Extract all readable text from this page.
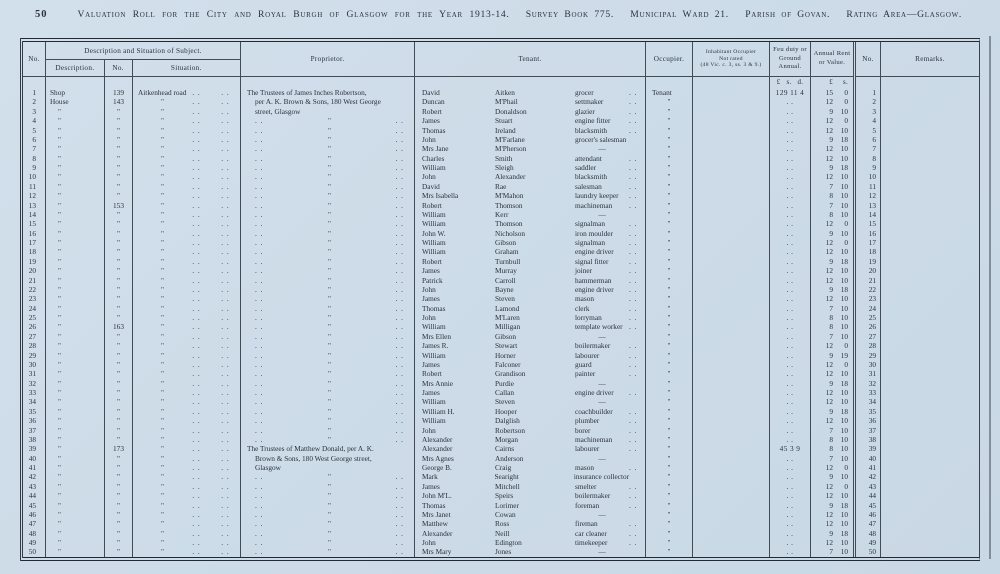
50	Valuation Roll for the City and Royal Burgh of Glasgow for the Year 1913-14. Survey Book 775. Municipal Ward 21. Parish of Govan. Rating Area—Glasgow.
No.
Description and Situation of Subject.
Description.	No.	Situation.
Proprietor.	Tenant.	Occupier.
Inhabitant Occupier
Not rated
(48 Vic. c. 3, ss. 3 & 9.)
Feu duty or Ground Annual.
£ s. d.
Annual Rent or Value.
£	s.
No.	Remarks.
1	Shop	139	Aitkenhead road . .	. .	The Trustees of James Inches Robertson,	David	Aitken	grocer	. .	Tenant	129 11 4	15	0	1
2	House	143	"	. .	. .	per A. K. Brown & Sons, 180 West George	Duncan	M'Phail	settmaker	. .	"	. .	12	0	2
3	"	"	"	. .	. .	street, Glasgow	Robert	Donaldson	glazier	. .	"	. .	9	10	3
4	"	"	"	. .	. .	. .	"	. .	James	Stuart	engine fitter	. .	"	. .	12	0	4
5	"	"	"	. .	. .	. .	"	. .	Thomas	Ireland	blacksmith	. .	"	. .	12	10	5
6	"	"	"	. .	. .	. .	"	. .	John	M'Farlane	grocer's salesman	"	. .	9	18	6
7	"	"	"	. .	. .	. .	"	. .	Mrs Jane	M'Pherson	—	"	. .	12	10	7
8	"	"	"	. .	. .	. .	"	. .	Charles	Smith	attendant	. .	"	. .	12	10	8
9	"	"	"	. .	. .	. .	"	. .	William	Sleigh	saddler	. .	"	. .	9	18	9
10	"	"	"	. .	. .	. .	"	. .	John	Alexander	blacksmith	. .	"	. .	12	10	10
11	"	"	"	. .	. .	. .	"	. .	David	Rae	salesman	. .	"	. .	7	10	11
12	"	"	"	. .	. .	. .	"	. .	Mrs Isabella	M'Mahon	laundry keeper	. .	"	. .	8	10	12
13	"	153	"	. .	. .	. .	"	. .	Robert	Thomson	machineman	. .	"	. .	7	10	13
14	"	"	"	. .	. .	. .	"	. .	William	Kerr	—	"	. .	8	10	14
15	"	"	"	. .	. .	. .	"	. .	William	Thomson	signalman	. .	"	. .	12	0	15
16	"	"	"	. .	. .	. .	"	. .	John W.	Nicholson	iron moulder	. .	"	. .	9	10	16
17	"	"	"	. .	. .	. .	"	. .	William	Gibson	signalman	. .	"	. .	12	0	17
18	"	"	"	. .	. .	. .	"	. .	William	Graham	engine driver	. .	"	. .	12	10	18
19	"	"	"	. .	. .	. .	"	. .	Robert	Turnbull	signal fitter	. .	"	. .	9	18	19
20	"	"	"	. .	. .	. .	"	. .	James	Murray	joiner	. .	"	. .	12	10	20
21	"	"	"	. .	. .	. .	"	. .	Patrick	Carroll	hammerman	. .	"	. .	12	10	21
22	"	"	"	. .	. .	. .	"	. .	John	Bayne	engine driver	. .	"	. .	9	18	22
23	"	"	"	. .	. .	. .	"	. .	James	Steven	mason	. .	"	. .	12	10	23
24	"	"	"	. .	. .	. .	"	. .	Thomas	Lamond	clerk	. .	"	. .	7	10	24
25	"	"	"	. .	. .	. .	"	. .	John	M'Laren	lorryman	. .	"	. .	8	10	25
26	"	163	"	. .	. .	. .	"	. .	William	Milligan	template worker . .	"	. .	8	10	26
27	"	"	"	. .	. .	. .	"	. .	Mrs Ellen	Gibson	—	"	. .	7	10	27
28	"	"	"	. .	. .	. .	"	. .	James R.	Stewart	boilermaker	. .	"	. .	12	0	28
29	"	"	"	. .	. .	. .	"	. .	William	Horner	labourer	. .	"	. .	9	19	29
30	"	"	"	. .	. .	. .	"	. .	James	Falconer	guard	. .	"	. .	12	0	30
31	"	"	"	. .	. .	. .	"	. .	Robert	Grandison	painter	. .	"	. .	12	10	31
32	"	"	"	. .	. .	. .	"	. .	Mrs Annie	Purdie	—	"	. .	9	18	32
33	"	"	"	. .	. .	. .	"	. .	James	Callan	engine driver	. .	"	. .	12	10	33
34	"	"	"	. .	. .	. .	"	. .	William	Steven	—	"	. .	12	10	34
35	"	"	"	. .	. .	. .	"	. .	William H.	Hooper	coachbuilder	. .	"	. .	9	18	35
36	"	"	"	. .	. .	. .	"	. .	William	Dalglish	plumber	. .	"	. .	12	10	36
37	"	"	"	. .	. .	. .	"	. .	John	Robertson	borer	. .	"	. .	7	10	37
38	"	"	"	. .	. .	. .	"	. .	Alexander	Morgan	machineman	. .	"	. .	8	10	38
39	"	173	"	. .	. .	The Trustees of Matthew Donald, per A. K.	Alexander	Cairns	labourer	. .	"	45 3 9	8	10	39
40	"	"	"	. .	. .	Brown & Sons, 180 West George street,	Mrs Agnes	Anderson	—	"	. .	7	10	40
41	"	"	"	. .	. .	Glasgow	George B.	Craig	mason	. .	"	. .	12	0	41
42	"	"	"	. .	. .	. .	"	. .	Mark	Searight	insurance collector	"	. .	9	10	42
43	"	"	"	. .	. .	. .	"	. .	James	Mitchell	smelter	. .	"	. .	12	0	43
44	"	"	"	. .	. .	. .	"	. .	John M'L.	Speirs	boilermaker	. .	"	. .	12	10	44
45	"	"	"	. .	. .	. .	"	. .	Thomas	Lorimer	foreman	. .	"	. .	9	18	45
46	"	"	"	. .	. .	. .	"	. .	Mrs Janet	Cowan	—	"	. .	12	10	46
47	"	"	"	. .	. .	. .	"	. .	Matthew	Ross	fireman	. .	"	. .	12	10	47
48	"	"	"	. .	. .	. .	"	. .	Alexander	Neill	car cleaner	. .	"	. .	9	18	48
49	"	"	"	. .	. .	. .	"	. .	John	Edington	timekeeper	. .	"	. .	12	10	49
50	"	"	"	. .	. .	. .	"	. .	Mrs Mary	Jones	—	"	. .	7	10	50
